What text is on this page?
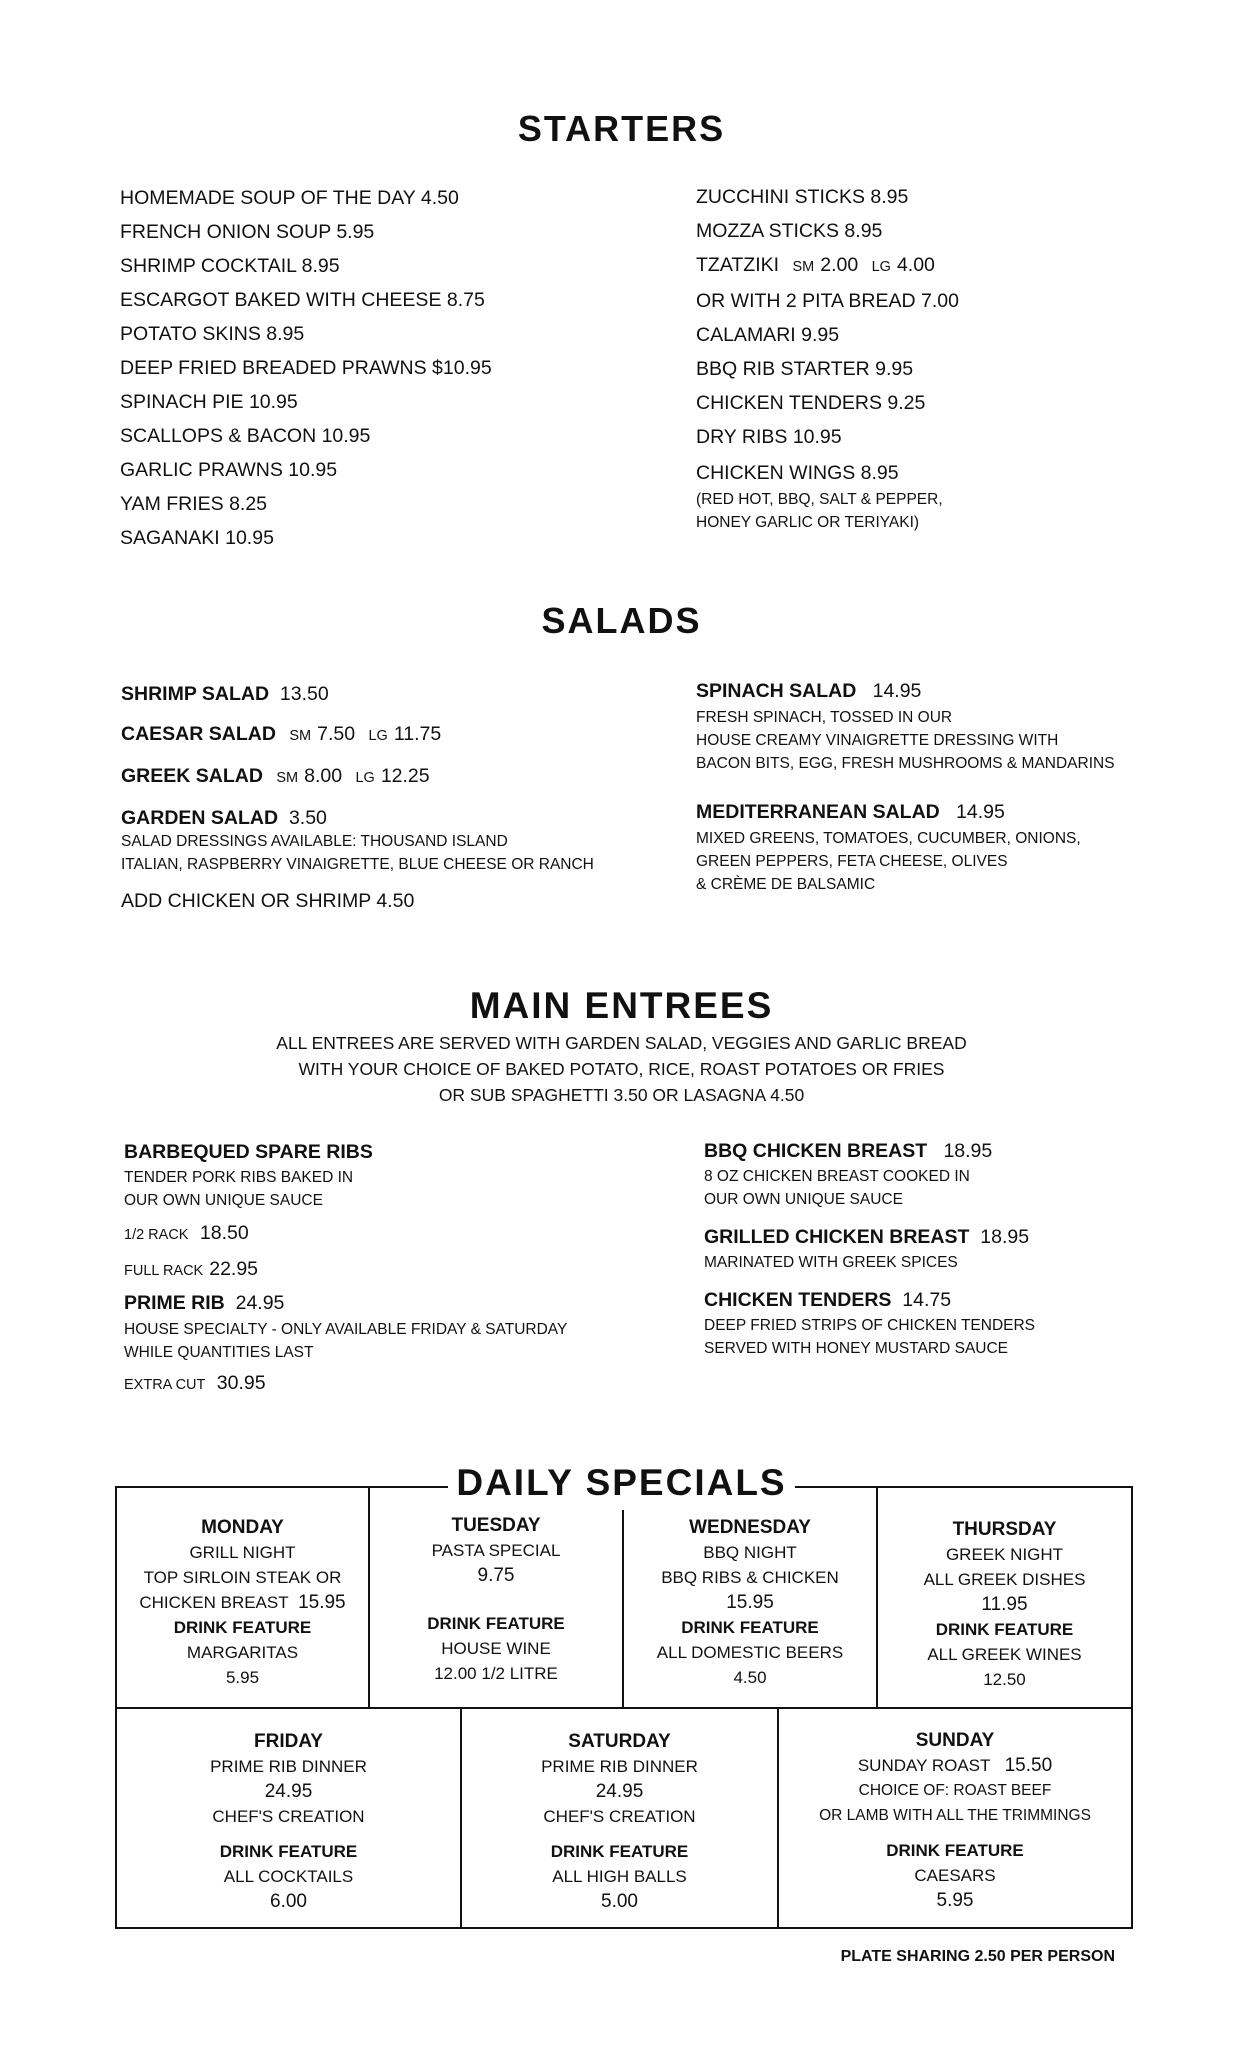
STARTERS
HOMEMADE SOUP OF THE DAY 4.50
FRENCH ONION SOUP 5.95
SHRIMP COCKTAIL 8.95
ESCARGOT BAKED WITH CHEESE 8.75
POTATO SKINS 8.95
DEEP FRIED BREADED PRAWNS $10.95
SPINACH PIE 10.95
SCALLOPS & BACON 10.95
GARLIC PRAWNS 10.95
YAM FRIES 8.25
SAGANAKI 10.95
ZUCCHINI STICKS 8.95
MOZZA STICKS 8.95
TZATZIKI SM 2.00 LG 4.00
OR WITH 2 PITA BREAD 7.00
CALAMARI 9.95
BBQ RIB STARTER 9.95
CHICKEN TENDERS 9.25
DRY RIBS 10.95
CHICKEN WINGS 8.95
(RED HOT, BBQ, SALT & PEPPER,
HONEY GARLIC OR TERIYAKI)
SALADS
SHRIMP SALAD 13.50
CAESAR SALAD SM 7.50 LG 11.75
GREEK SALAD SM 8.00 LG 12.25
GARDEN SALAD 3.50
SALAD DRESSINGS AVAILABLE: THOUSAND ISLAND
ITALIAN, RASPBERRY VINAIGRETTE, BLUE CHEESE OR RANCH
ADD CHICKEN OR SHRIMP 4.50
SPINACH SALAD 14.95
FRESH SPINACH, TOSSED IN OUR
HOUSE CREAMY VINAIGRETTE DRESSING WITH
BACON BITS, EGG, FRESH MUSHROOMS & MANDARINS
MEDITERRANEAN SALAD 14.95
MIXED GREENS, TOMATOES, CUCUMBER, ONIONS,
GREEN PEPPERS, FETA CHEESE, OLIVES
& CRÈME DE BALSAMIC
MAIN ENTREES
ALL ENTREES ARE SERVED WITH GARDEN SALAD, VEGGIES AND GARLIC BREAD
WITH YOUR CHOICE OF BAKED POTATO, RICE, ROAST POTATOES OR FRIES
OR SUB SPAGHETTI 3.50 OR LASAGNA 4.50
BARBEQUED SPARE RIBS
TENDER PORK RIBS BAKED IN
OUR OWN UNIQUE SAUCE
1/2 RACK 18.50
FULL RACK 22.95
PRIME RIB 24.95
HOUSE SPECIALTY - ONLY AVAILABLE FRIDAY & SATURDAY
WHILE QUANTITIES LAST
EXTRA CUT 30.95
BBQ CHICKEN BREAST 18.95
8 OZ CHICKEN BREAST COOKED IN
OUR OWN UNIQUE SAUCE
GRILLED CHICKEN BREAST 18.95
MARINATED WITH GREEK SPICES
CHICKEN TENDERS 14.75
DEEP FRIED STRIPS OF CHICKEN TENDERS
SERVED WITH HONEY MUSTARD SAUCE
DAILY SPECIALS
MONDAY
GRILL NIGHT
TOP SIRLOIN STEAK OR
CHICKEN BREAST 15.95
DRINK FEATURE
MARGARITAS
5.95
TUESDAY
PASTA SPECIAL
9.75
DRINK FEATURE
HOUSE WINE
12.00 1/2 LITRE
WEDNESDAY
BBQ NIGHT
BBQ RIBS & CHICKEN
15.95
DRINK FEATURE
ALL DOMESTIC BEERS
4.50
THURSDAY
GREEK NIGHT
ALL GREEK DISHES
11.95
DRINK FEATURE
ALL GREEK WINES
12.50
FRIDAY
PRIME RIB DINNER
24.95
CHEF'S CREATION
DRINK FEATURE
ALL COCKTAILS
6.00
SATURDAY
PRIME RIB DINNER
24.95
CHEF'S CREATION
DRINK FEATURE
ALL HIGH BALLS
5.00
SUNDAY
SUNDAY ROAST 15.50
CHOICE OF: ROAST BEEF
OR LAMB WITH ALL THE TRIMMINGS
DRINK FEATURE
CAESARS
5.95
PLATE SHARING 2.50 PER PERSON
